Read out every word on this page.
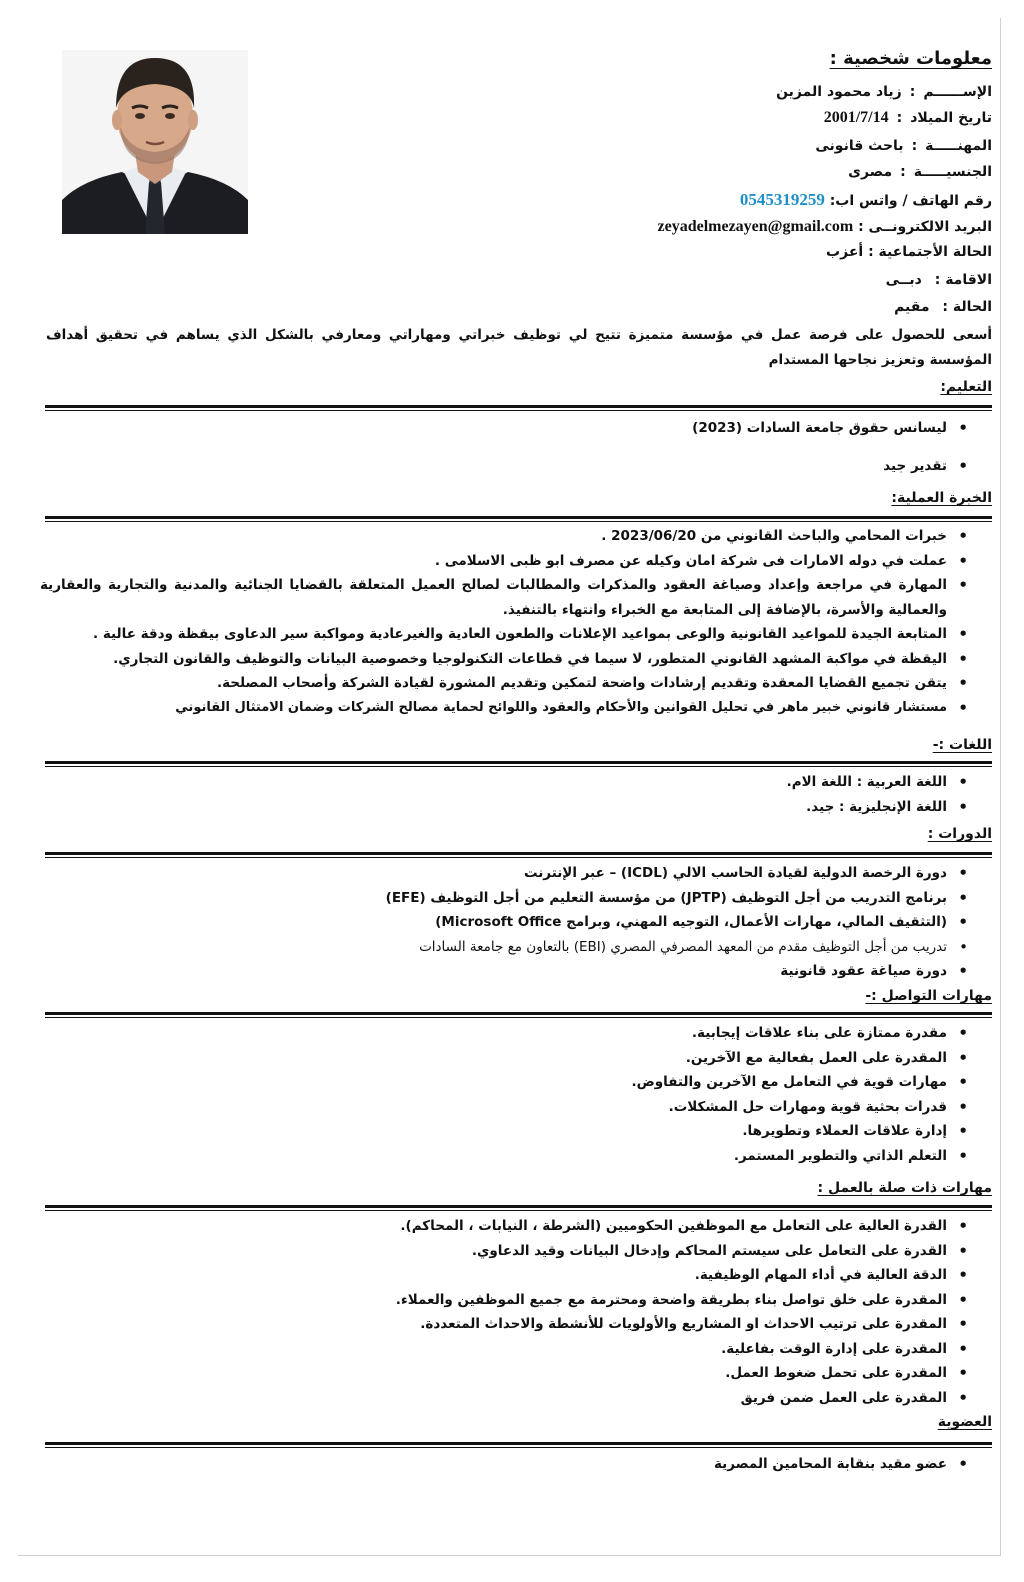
معلومات شخصية :
الإســــــم:زياد محمود المزين
تاريخ الميلاد:2001/7/14
المهنـــــة:باحث قانونى
الجنسيـــــة:مصرى
رقم الهاتف / واتس اب: 0545319259
البريد الالكترونــى : zeyadelmezayen@gmail.com
الحالة الأجتماعية : أعزب
الاقامة : دبــى
الحالة : مقيم
أسعى للحصول على فرصة عمل في مؤسسة متميزة تتيح لي توظيف خبراتي ومهاراتي ومعارفي بالشكل الذي يساهم في تحقيق أهداف المؤسسة وتعزيز نجاحها المستدام
التعليم:
• ليسانس حقوق جامعة السادات (2023)
• تقدير جيد
الخبرة العملية:
• خبرات المحامي والباحث القانوني من 2023/06/20 .
• عملت في دوله الامارات فى شركة امان وكيله عن مصرف ابو ظبى الاسلامى .
• المهارة في مراجعة وإعداد وصياغة العقود والمذكرات والمطالبات لصالح العميل المتعلقة بالقضايا الجنائية والمدنية والتجارية والعقارية والعمالية والأسرة، بالإضافة إلى المتابعة مع الخبراء وانتهاء بالتنفيذ.
• المتابعة الجيدة للمواعيد القانونية والوعى بمواعيد الإعلانات والطعون العادية والغيرعادية ومواكبة سير الدعاوى بيقظة ودقة عالية .
• اليقظة في مواكبة المشهد القانوني المتطور، لا سيما في قطاعات التكنولوجيا وخصوصية البيانات والتوظيف والقانون التجاري.
• يتقن تجميع القضايا المعقدة وتقديم إرشادات واضحة لتمكين وتقديم المشورة لقيادة الشركة وأصحاب المصلحة.
• مستشار قانوني خبير ماهر في تحليل القوانين والأحكام والعقود واللوائح لحماية مصالح الشركات وضمان الامتثال القانوني
اللغات :-
• اللغة العربية : اللغة الام.
• اللغة الإنجليزية : جيد.
الدورات :
• دورة الرخصة الدولية لقيادة الحاسب الالي (ICDL) – عبر الإنترنت
• برنامج التدريب من أجل التوظيف (JPTP) من مؤسسة التعليم من أجل التوظيف (EFE)
• (التثقيف المالي، مهارات الأعمال، التوجيه المهني، وبرامج Microsoft Office)
• تدريب من أجل التوظيف مقدم من المعهد المصرفي المصري (EBI) بالتعاون مع جامعة السادات
• دورة صياغة عقود قانونية
مهارات التواصل :-
• مقدرة ممتازة على بناء علاقات إيجابية.
• المقدرة على العمل بفعالية مع الآخرين.
• مهارات قوية في التعامل مع الآخرين والتفاوض.
• قدرات بحثية قوية ومهارات حل المشكلات.
• إدارة علاقات العملاء وتطويرها.
• التعلم الذاتي والتطوير المستمر.
مهارات ذات صلة بالعمل :
• القدرة العالية على التعامل مع الموظفين الحكوميين (الشرطة ، النيابات ، المحاكم).
• القدرة على التعامل على سيستم المحاكم وإدخال البيانات وقيد الدعاوي.
• الدقة العالية في أداء المهام الوظيفية.
• المقدرة على خلق تواصل بناء بطريقة واضحة ومحترمة مع جميع الموظفين والعملاء.
• المقدرة على ترتيب الاحداث او المشاريع والأولويات للأنشطة والاحداث المتعددة.
• المقدرة على إدارة الوقت بفاعلية.
• المقدرة على تحمل ضغوط العمل.
• المقدرة على العمل ضمن فريق
العضوية
• عضو مقيد بنقابة المحامين المصرية
